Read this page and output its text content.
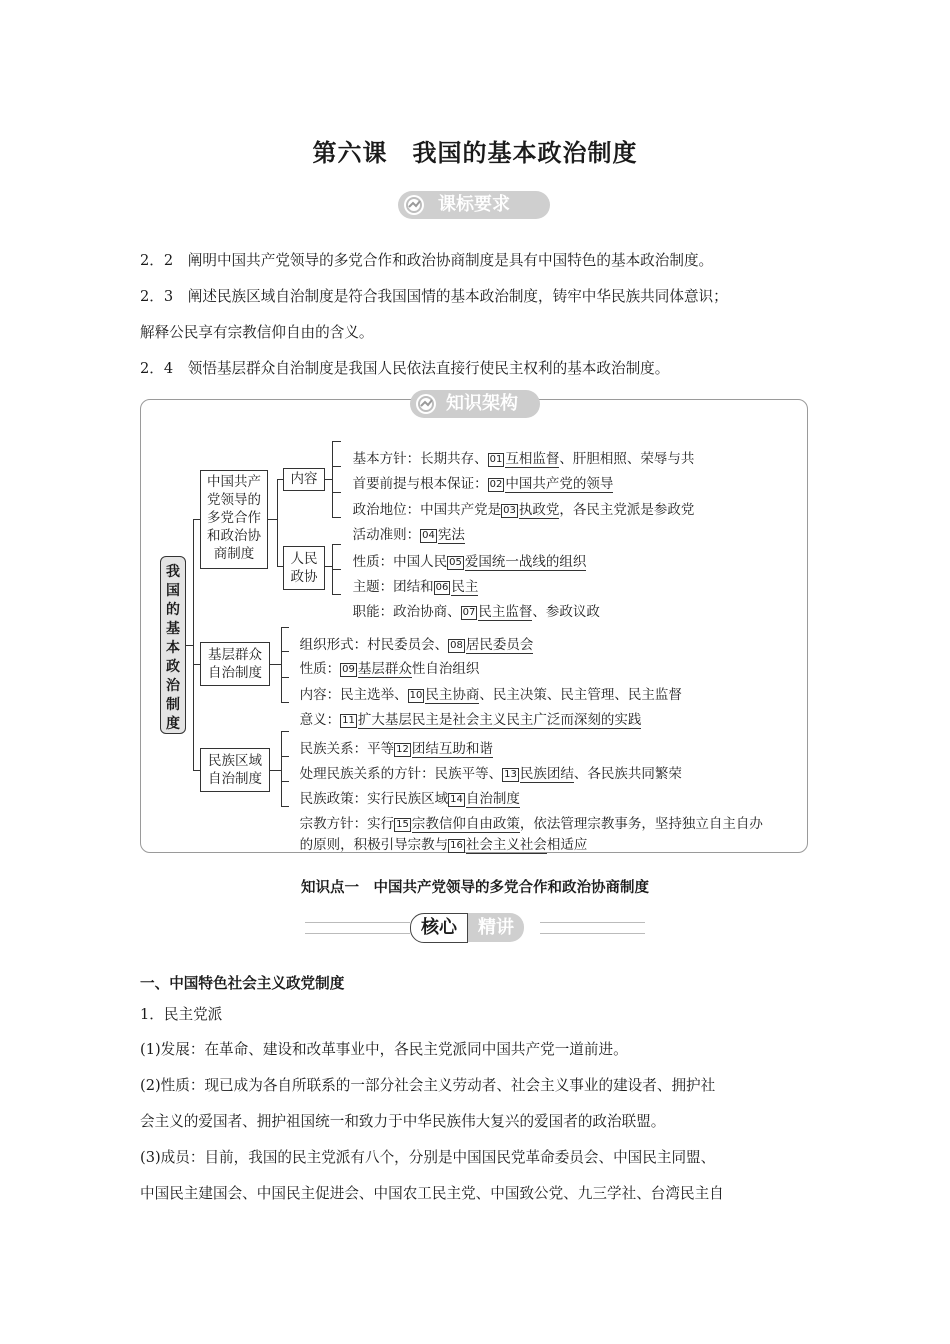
第六课　我国的基本政治制度
课标要求
2．2　阐明中国共产党领导的多党合作和政治协商制度是具有中国特色的基本政治制度。
2．3　阐述民族区域自治制度是符合我国国情的基本政治制度，铸牢中华民族共同体意识；
解释公民享有宗教信仰自由的含义。
2．4　领悟基层群众自治制度是我国人民依法直接行使民主权利的基本政治制度。
知识架构
我国的基本政治制度
中国共产党领导的多党合作和政治协商制度
内容
人民政协

基本方针：长期共存、 01 互相监督、肝胆相照、荣辱与共

首要前提与根本保证： 02 中国共产党的领导

政治地位：中国共产党是 03 执政党，各民主党派是参政党

活动准则： 04 宪法

性质：中国人民 05 爱国统一战线的组织

主题：团结和 06 民主

职能：政治协商、 07 民主监督、参政议政

基层群众自治制度

组织形式：村民委员会、 08 居民委员会

性质： 09 基层群众性自治组织

内容：民主选举、 10 民主协商、民主决策、民主管理、民主监督

意义： 11 扩大基层民主是社会主义民主广泛而深刻的实践

民族区域自治制度

民族关系：平等 12 团结互助和谐

处理民族关系的方针：民族平等、 13 民族团结、各民族共同繁荣

民族政策：实行民族区域 14 自治制度

宗教方针：实行 15 宗教信仰自由政策，依法管理宗教事务，坚持独立自主自办

的原则，积极引导宗教与 16 社会主义社会相适应

知识点一　中国共产党领导的多党合作和政治协商制度
核心	精讲
一、中国特色社会主义政党制度
1．民主党派
(1)发展：在革命、建设和改革事业中，各民主党派同中国共产党一道前进。
(2)性质：现已成为各自所联系的一部分社会主义劳动者、社会主义事业的建设者、拥护社
会主义的爱国者、拥护祖国统一和致力于中华民族伟大复兴的爱国者的政治联盟。
(3)成员：目前，我国的民主党派有八个，分别是中国国民党革命委员会、中国民主同盟、
中国民主建国会、中国民主促进会、中国农工民主党、中国致公党、九三学社、台湾民主自
